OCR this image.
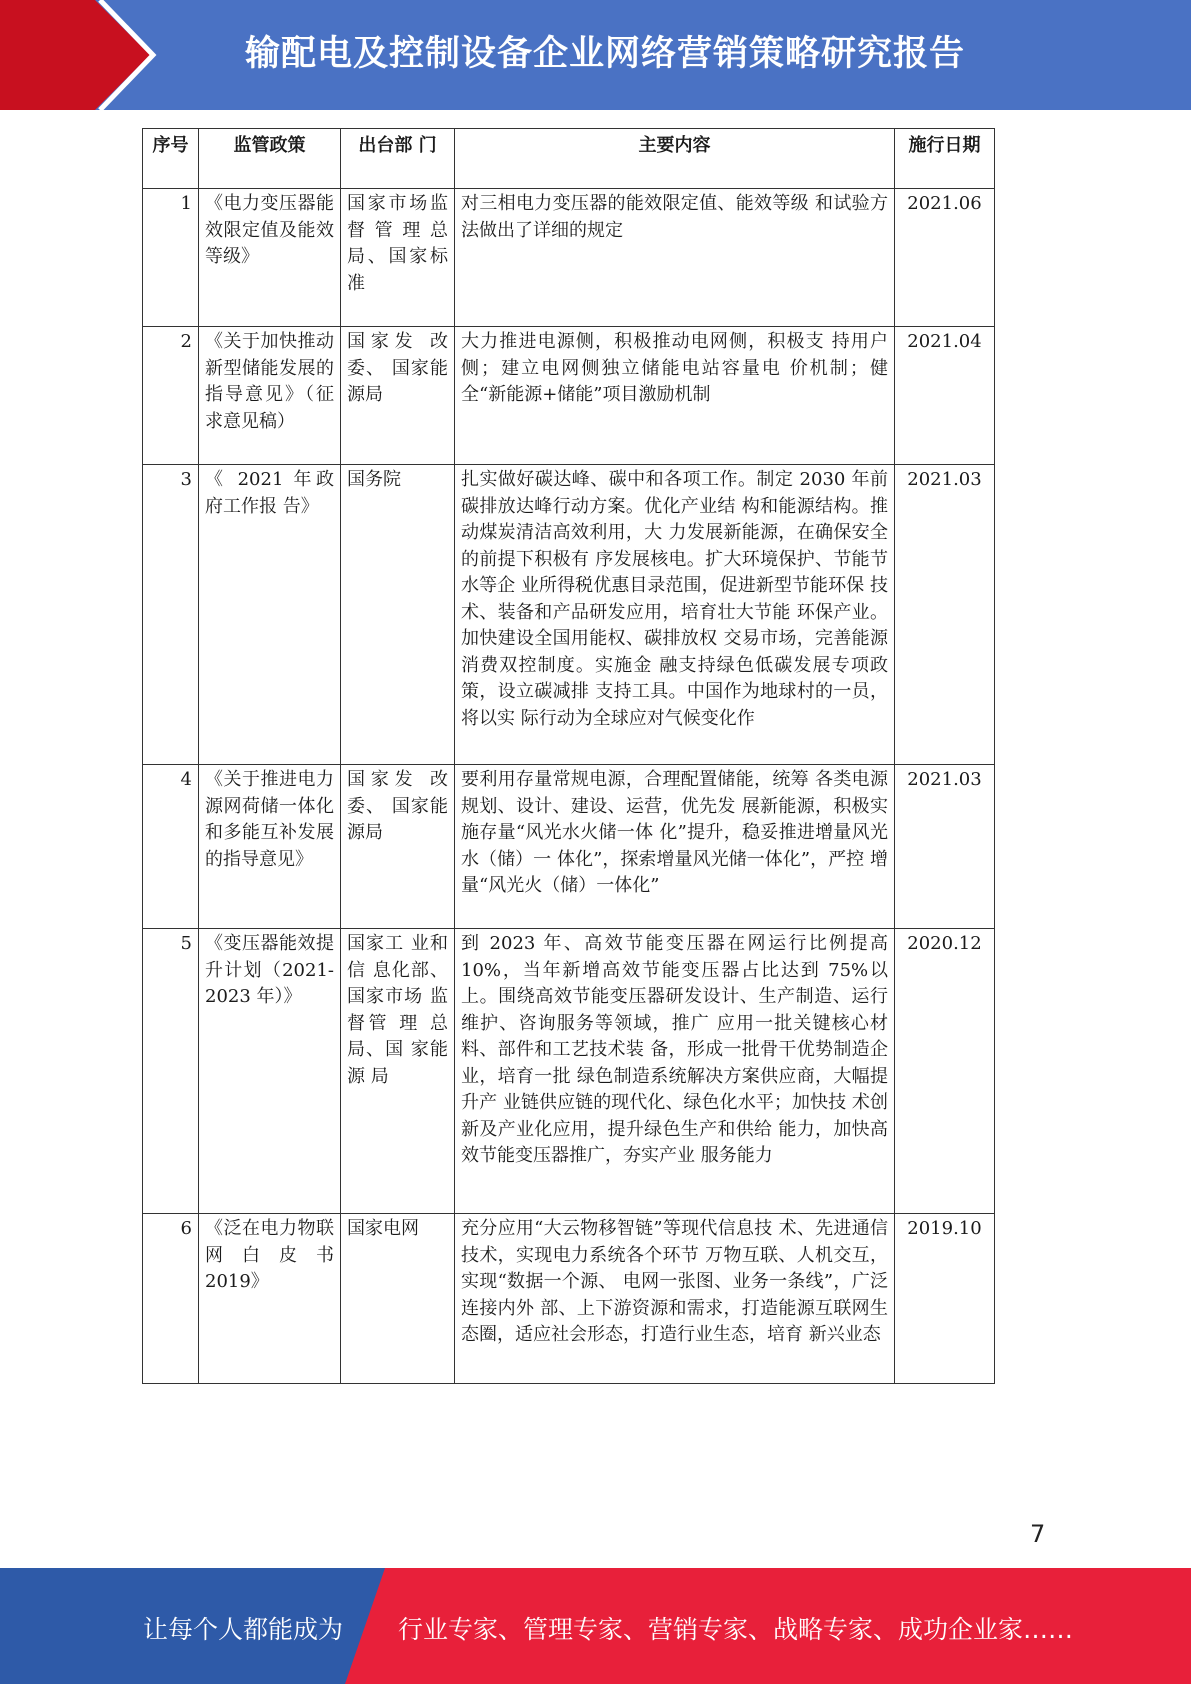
输配电及控制设备企业网络营销策略研究报告
序号	监管政策	出台部 门	主要内容	施行日期
1	《电力变压器能效限定值及能效等级》	国家市场监督管理总局、国家标准	对三相电力变压器的能效限定值、能效等级 和试验方法做出了详细的规定	2021.06
2	《关于加快推动新型储能发展的指导意见》（征求意见稿）	国家发 改委、 国家能 源局	大力推进电源侧，积极推动电网侧，积极支 持用户侧；建立电网侧独立储能电站容量电 价机制；健全“新能源+储能”项目激励机制	2021.04
3	《 2021 年政府工作报 告》	国务院	扎实做好碳达峰、碳中和各项工作。制定 2030 年前碳排放达峰行动方案。优化产业结 构和能源结构。推动煤炭清洁高效利用，大 力发展新能源，在确保安全的前提下积极有 序发展核电。扩大环境保护、节能节水等企 业所得税优惠目录范围，促进新型节能环保 技术、装备和产品研发应用，培育壮大节能 环保产业。加快建设全国用能权、碳排放权 交易市场，完善能源消费双控制度。实施金 融支持绿色低碳发展专项政策，设立碳减排 支持工具。中国作为地球村的一员，将以实 际行动为全球应对气候变化作	2021.03
4	《关于推进电力源网荷储一体化和多能互补发展的指导意见》	国家发 改委、 国家能 源局	要利用存量常规电源，合理配置储能，统筹 各类电源规划、设计、建设、运营，优先发 展新能源，积极实施存量“风光水火储一体 化”提升，稳妥推进增量风光水（储）一 体化”，探索增量风光储一体化”，严控 增量“风光火（储）一体化”	2021.03
5	《变压器能效提升计划（2021-2023 年）》	国家工 业和信 息化部、国家市场 监督管 理 总局、国 家能源 局	到 2023 年、高效节能变压器在网运行比例提高 10%，当年新增高效节能变压器占比达到 75%以上。围绕高效节能变压器研发设计、生产制造、运行维护、咨询服务等领域，推广 应用一批关键核心材料、部件和工艺技术装 备，形成一批骨干优势制造企业，培育一批 绿色制造系统解决方案供应商，大幅提升产 业链供应链的现代化、绿色化水平；加快技 术创新及产业化应用，提升绿色生产和供给 能力，加快高效节能变压器推广，夯实产业 服务能力	2020.12
6	《泛在电力物联网白皮书 2019》	国家电网	充分应用“大云物移智链”等现代信息技 术、先进通信技术，实现电力系统各个环节 万物互联、人机交互，实现“数据一个源、 电网一张图、业务一条线”，广泛连接内外 部、上下游资源和需求，打造能源互联网生 态圈，适应社会形态，打造行业生态，培育 新兴业态	2019.10
7
让每个人都能成为 行业专家、管理专家、营销专家、战略专家、成功企业家……
